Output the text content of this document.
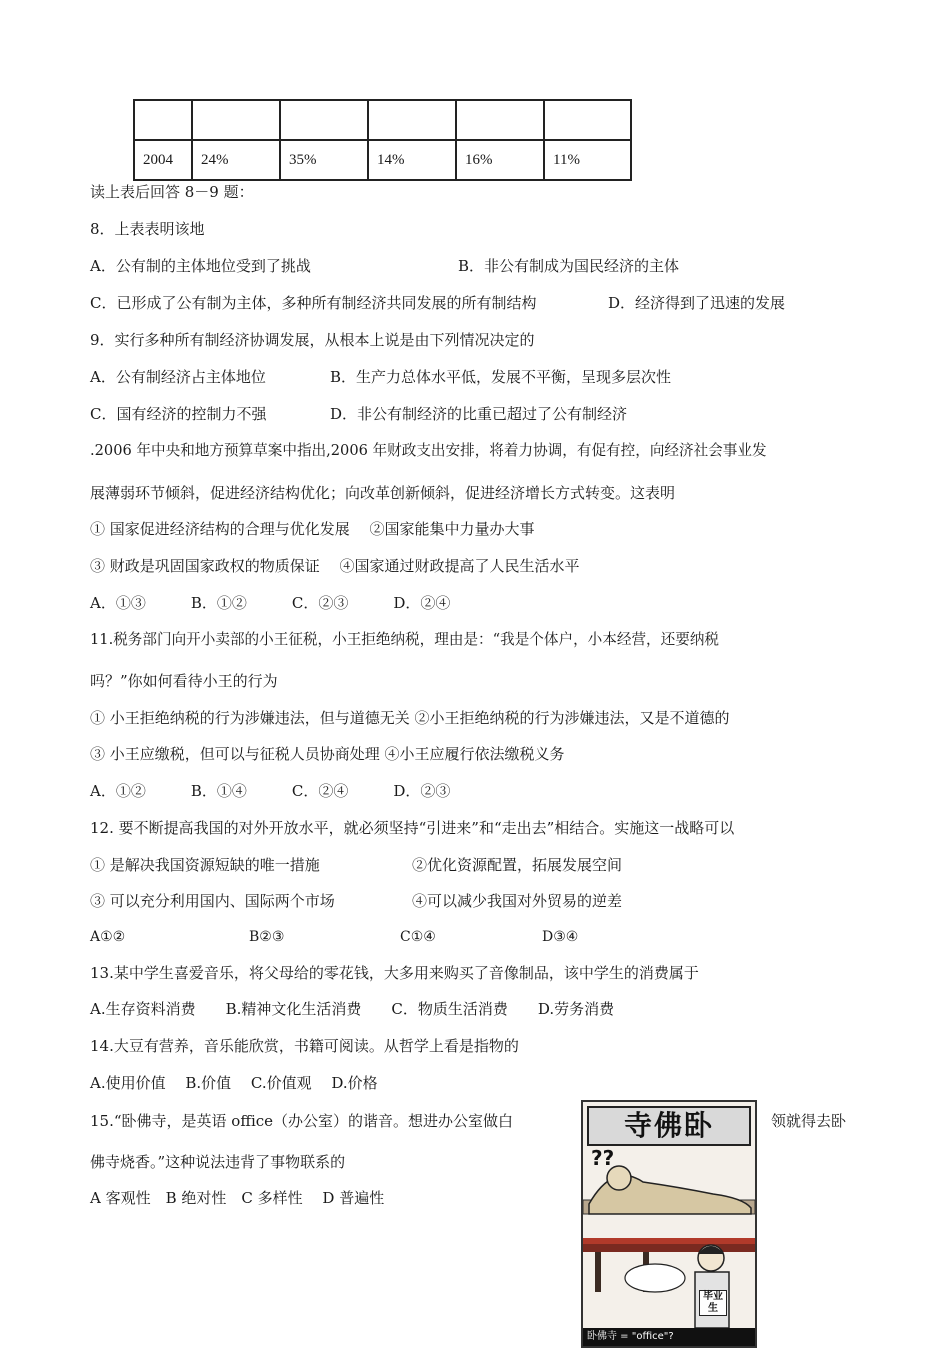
2004	24%	35%	14%	16%	11%
读上表后回答 8－9 题：
8．上表表明该地
A．公有制的主体地位受到了挑战	B．非公有制成为国民经济的主体
C．已形成了公有制为主体，多种所有制经济共同发展的所有制结构	D．经济得到了迅速的发展
9．实行多种所有制经济协调发展，从根本上说是由下列情况决定的
A．公有制经济占主体地位	B．生产力总体水平低，发展不平衡，呈现多层次性
C．国有经济的控制力不强	D．非公有制经济的比重已超过了公有制经济
.2006 年中央和地方预算草案中指出,2006 年财政支出安排，将着力协调，有促有控，向经济社会事业发
展薄弱环节倾斜，促进经济结构优化；向改革创新倾斜，促进经济增长方式转变。这表明
① 国家促进经济结构的合理与优化发展　 ②国家能集中力量办大事
③ 财政是巩固国家政权的物质保证　 ④国家通过财政提高了人民生活水平
A．①③　　　B．①②　　　C．②③　　　D．②④
11.税务部门向开小卖部的小王征税，小王拒绝纳税，理由是：“我是个体户，小本经营，还要纳税
吗？”你如何看待小王的行为
① 小王拒绝纳税的行为涉嫌违法，但与道德无关 ②小王拒绝纳税的行为涉嫌违法，又是不道德的
③ 小王应缴税，但可以与征税人员协商处理 ④小王应履行依法缴税义务
A．①②　　　B．①④　　　C．②④　　　D．②③
12. 要不断提高我国的对外开放水平，就必须坚持“引进来”和“走出去”相结合。实施这一战略可以
① 是解决我国资源短缺的唯一措施	②优化资源配置，拓展发展空间
③ 可以充分利用国内、国际两个市场	④可以减少我国对外贸易的逆差
A①②	B②③	C①④	D③④
13.某中学生喜爱音乐，将父母给的零花钱，大多用来购买了音像制品，该中学生的消费属于
A.生存资料消费　　B.精神文化生活消费　　C．物质生活消费　　D.劳务消费
14.大豆有营养，音乐能欣赏，书籍可阅读。从哲学上看是指物的
A.使用价值　 B.价值　 C.价值观　 D.价格
15.“卧佛寺，是英语 office（办公室）的谐音。想进办公室做白	领就得去卧
佛寺烧香。”这种说法违背了事物联系的
A 客观性　B 绝对性　C 多样性　 D 普遍性
寺佛卧
??
毕业生
卧佛寺 = "office"?
